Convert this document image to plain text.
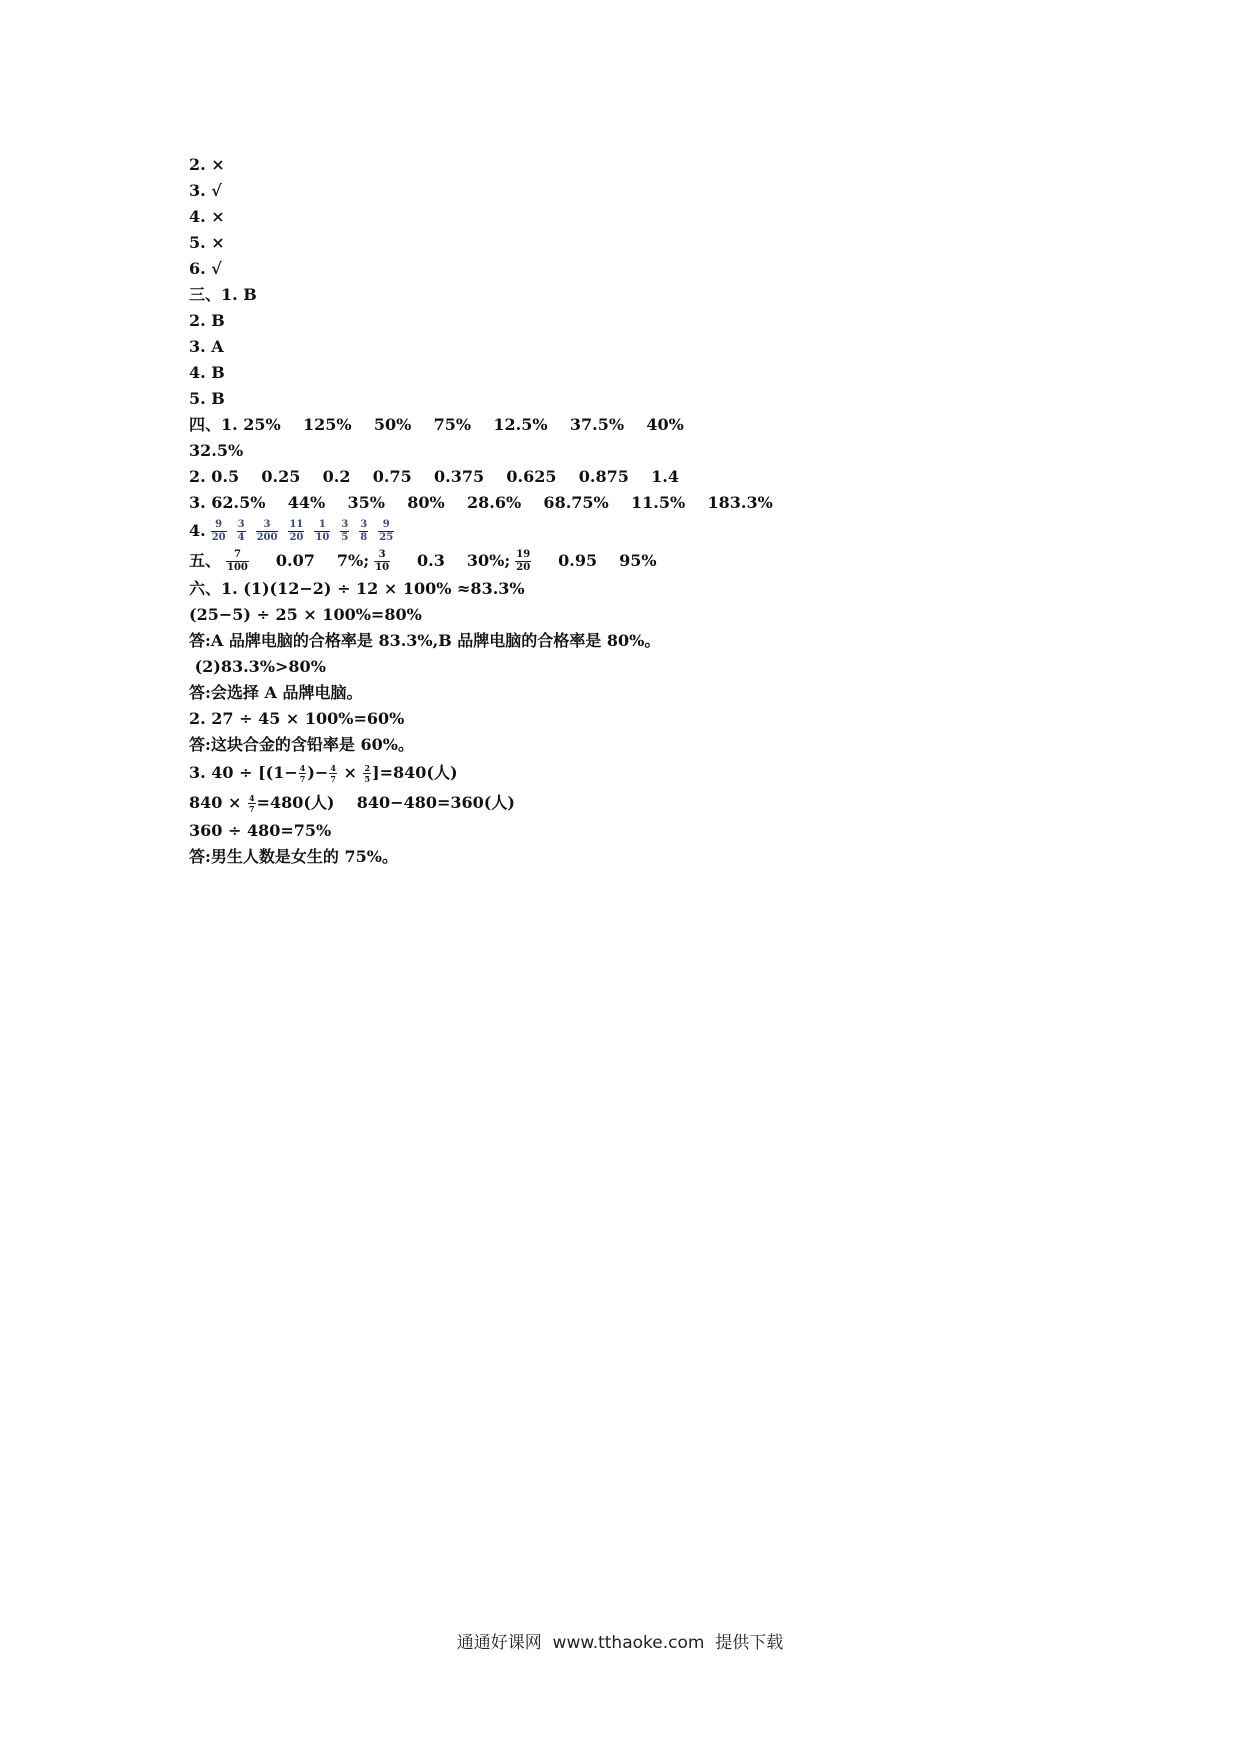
2. ×
3. √
4. ×
5. ×
6. √
三、1. B
2. B
3. A
4. B
5. B
四、1. 25%    125%    50%    75%    12.5%    37.5%    40%
32.5%
2. 0.5    0.25    0.2    0.75    0.375    0.625    0.875    1.4
3. 62.5%    44%    35%    80%    28.6%    68.75%    11.5%    183.3%
4. $\frac{9}{20} \frac{3}{4} \frac{3}{200} \frac{11}{20} \frac{1}{10} \frac{3}{5} \frac{3}{8} \frac{9}{25}$
五、 $\frac{7}{100} 0.07$ 7%; $\frac{3}{10} 0.3$ 30%; $\frac{19}{20} 0.95$ 95%
六、1. (1)(12−2) ÷ 12 × 100% ≈83.3%
(25−5) ÷ 25 × 100%=80%
答:A 品牌电脑的合格率是 83.3%,B 品牌电脑的合格率是 80%。
(2)83.3%>80%
答:会选择 A 品牌电脑。
2. 27 ÷ 45 × 100%=60%
答:这块合金的含铅率是 60%。
3. $40 \div [(1- \frac{4}{7}$ )− $\frac{4}{7} \times \frac{2}{5} ]=840$(人)
$840 \times \frac{4}{7} =480$(人)    840−480=360(人)
360 ÷ 480=75%
答:男生人数是女生的 75%。
通通好课网  www.tthaoke.com  提供下载
